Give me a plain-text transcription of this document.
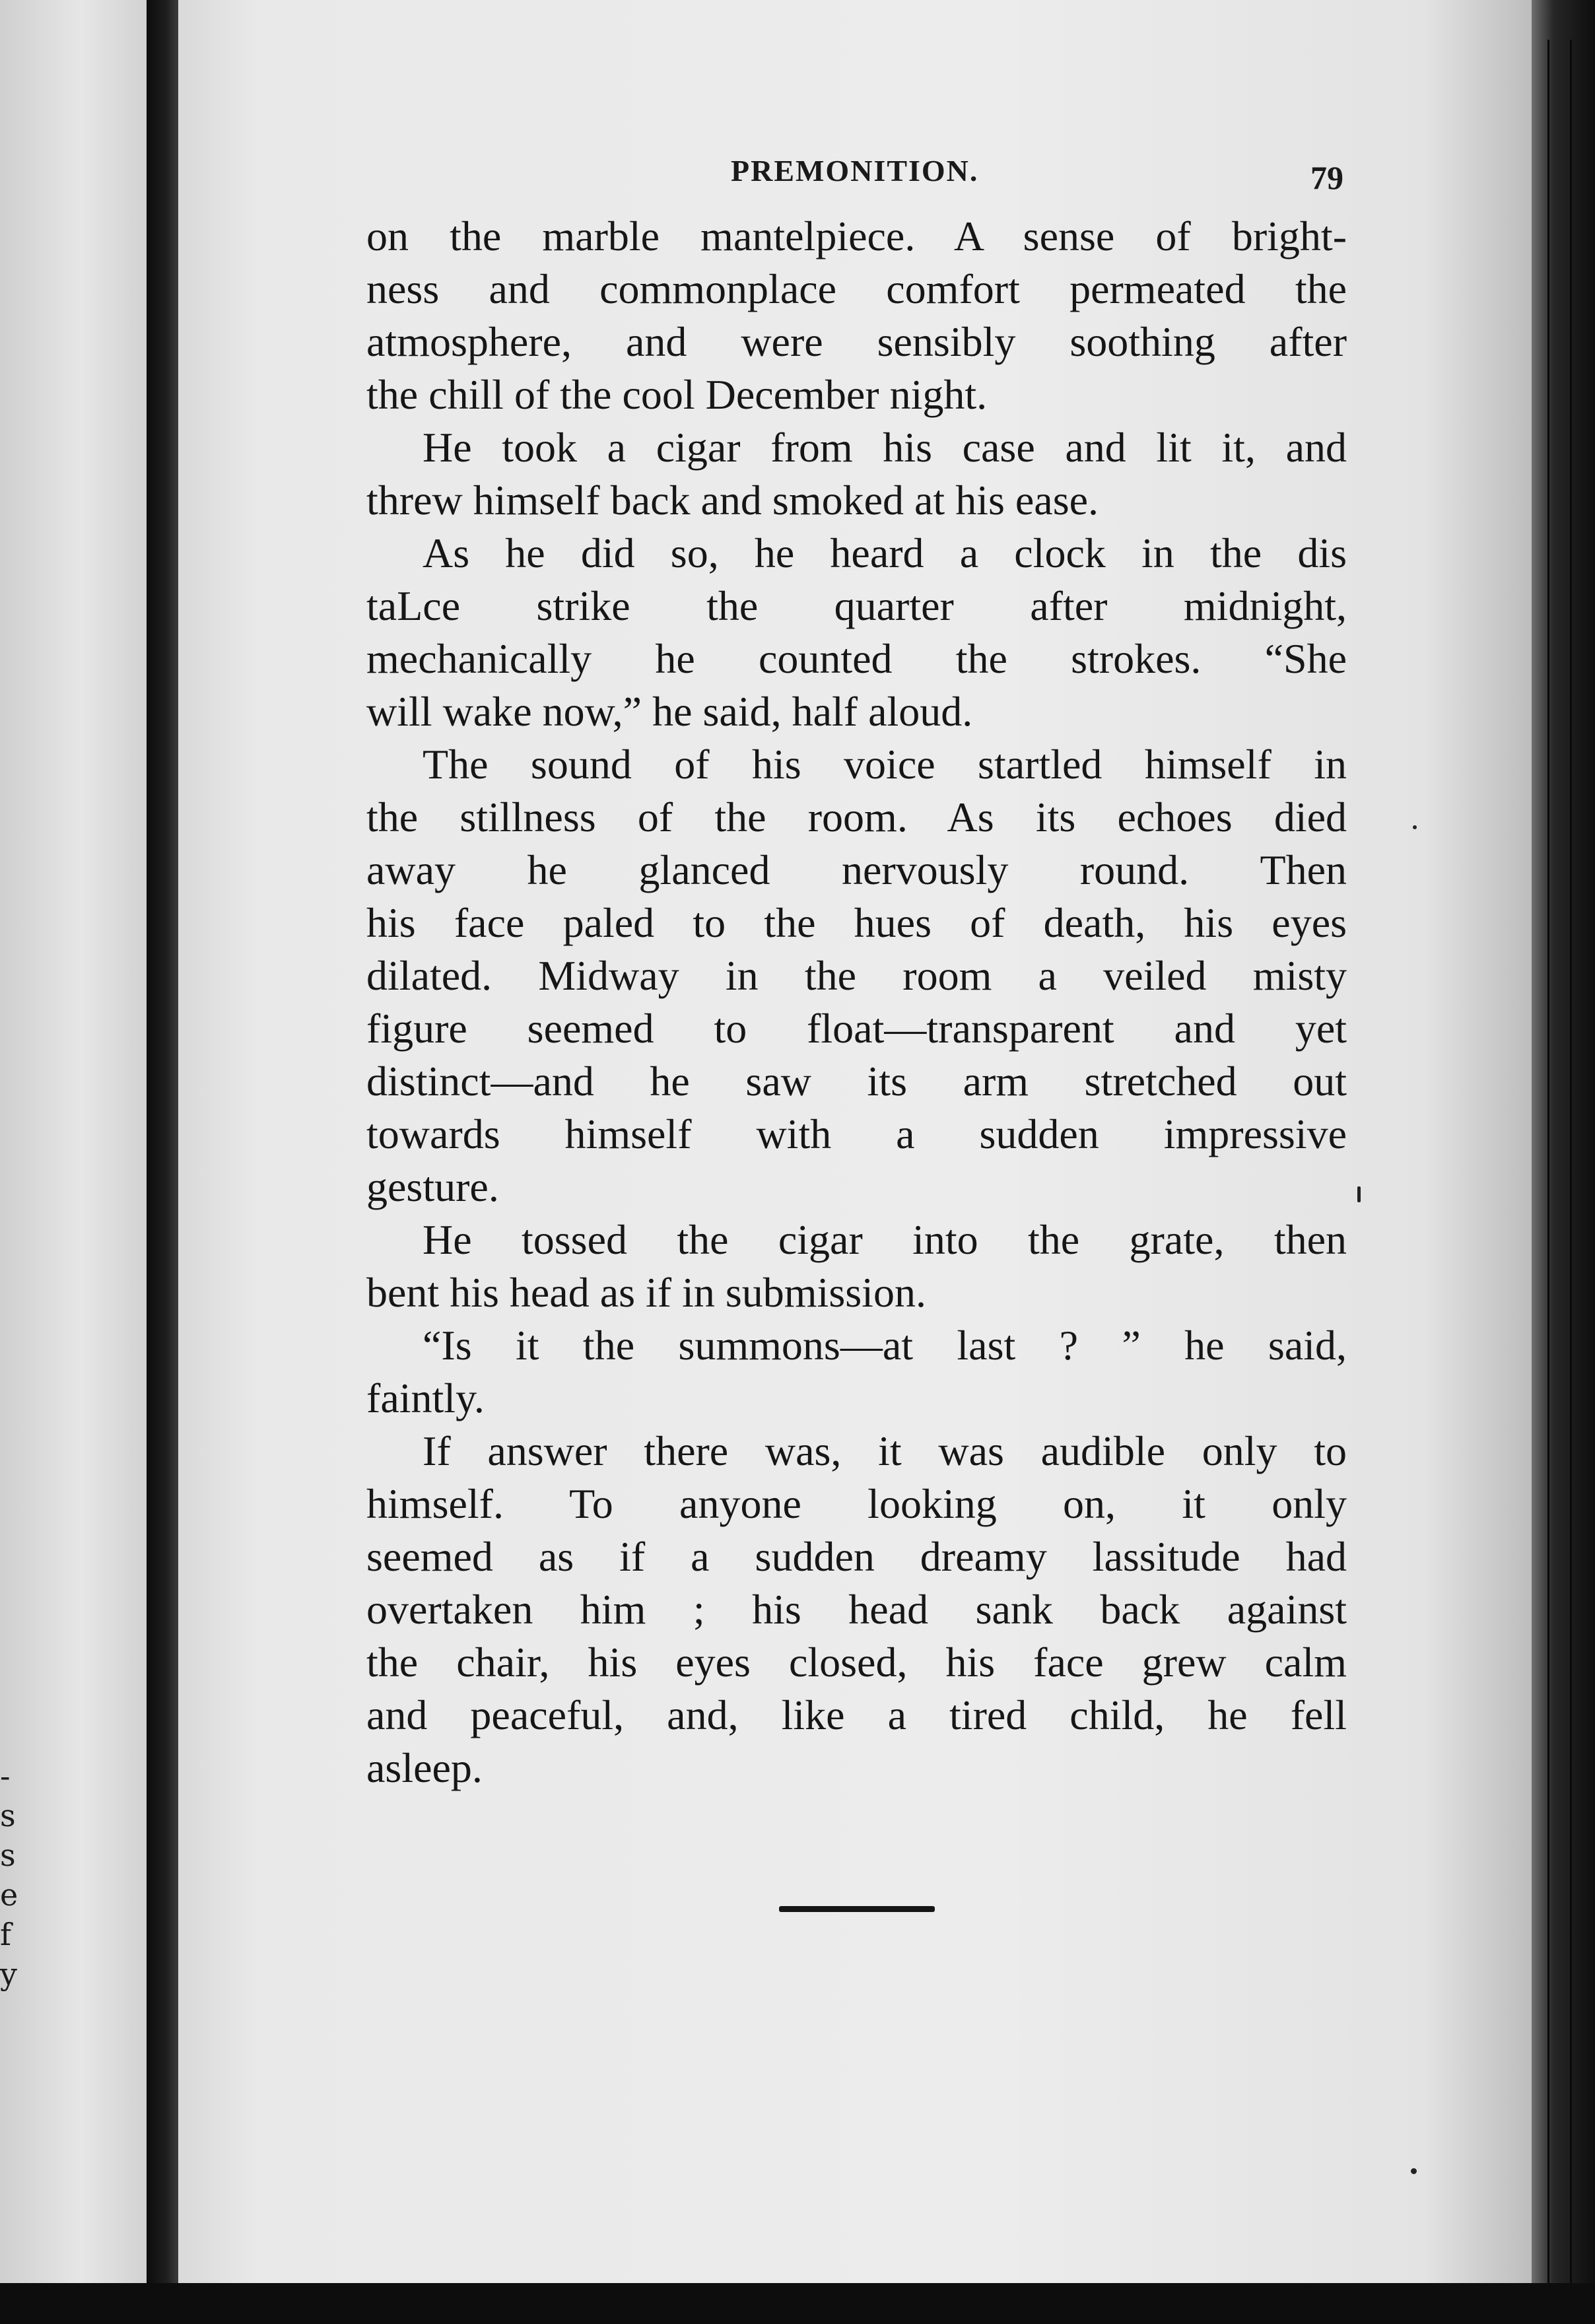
-
s
s
e
f
y
PREMONITION.	79
on the marble mantelpiece. A sense of bright-
ness and commonplace comfort permeated the
atmosphere, and were sensibly soothing after
the chill of the cool December night.
He took a cigar from his case and lit it, and
threw himself back and smoked at his ease.
As he did so, he heard a clock in the dis
taLce strike the quarter after midnight,
mechanically he counted the strokes. “She
will wake now,” he said, half aloud.
The sound of his voice startled himself in
the stillness of the room. As its echoes died
away he glanced nervously round. Then
his face paled to the hues of death, his eyes
dilated. Midway in the room a veiled misty
figure seemed to float—transparent and yet
distinct—and he saw its arm stretched out
towards himself with a sudden impressive
gesture.
He tossed the cigar into the grate, then
bent his head as if in submission.
“Is it the summons—at last ? ” he said,
faintly.
If answer there was, it was audible only to
himself. To anyone looking on, it only
seemed as if a sudden dreamy lassitude had
overtaken him ; his head sank back against
the chair, his eyes closed, his face grew calm
and peaceful, and, like a tired child, he fell
asleep.
